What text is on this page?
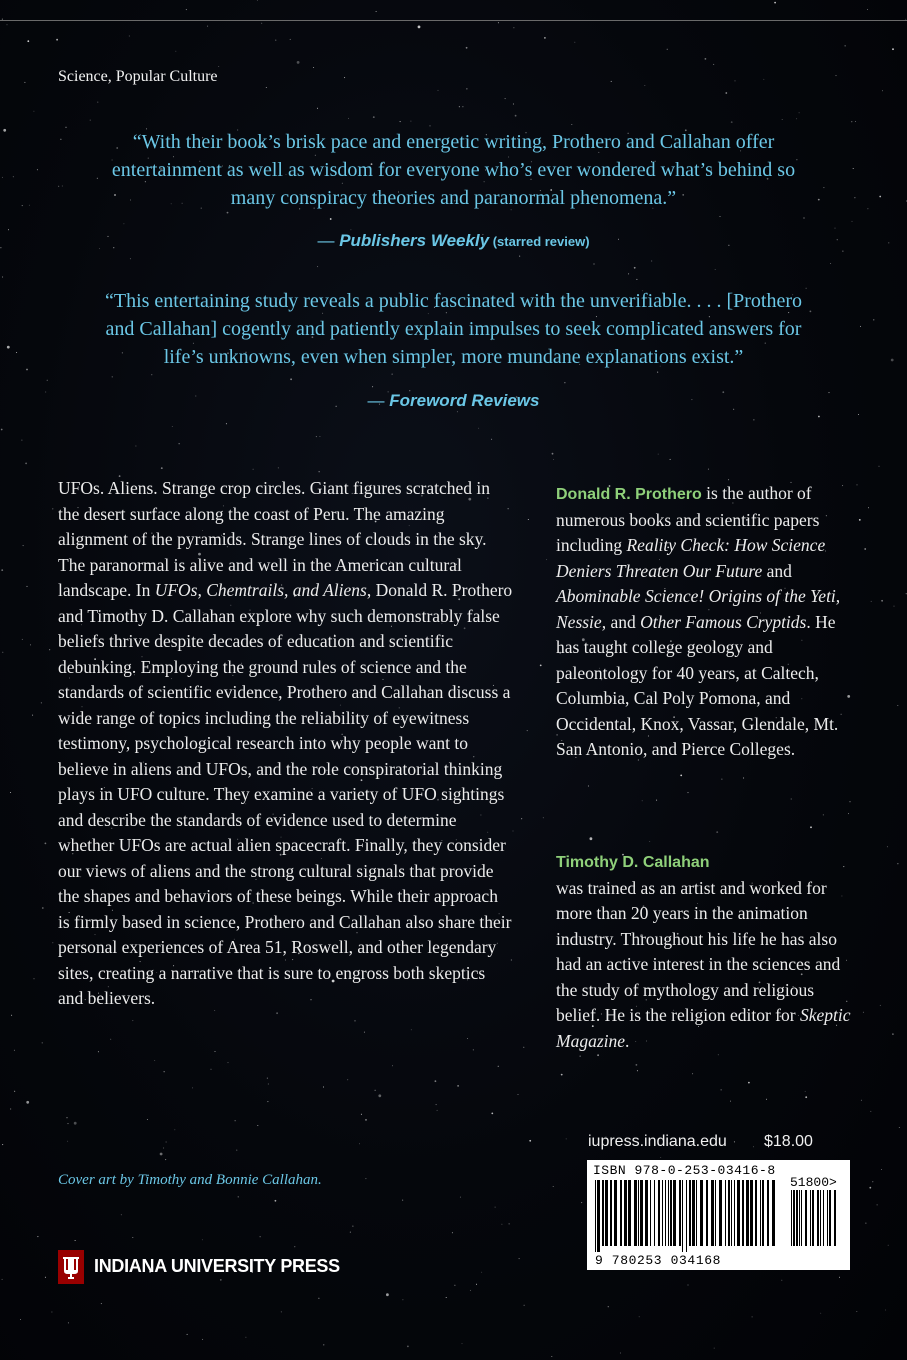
Science, Popular Culture
“With their book’s brisk pace and energetic writing, Prothero and Callahan offer
entertainment as well as wisdom for everyone who’s ever wondered what’s behind so
many conspiracy theories and paranormal phenomena.”
— Publishers Weekly (starred review)
“This entertaining study reveals a public fascinated with the unverifiable. . . . [Prothero
and Callahan] cogently and patiently explain impulses to seek complicated answers for
life’s unknowns, even when simpler, more mundane explanations exist.”
— Foreword Reviews
UFOs. Aliens. Strange crop circles. Giant figures scratched in the desert surface along the coast of Peru. The amazing alignment of the pyramids. Strange lines of clouds in the sky. The paranormal is alive and well in the American cultural landscape. In UFOs, Chemtrails, and Aliens, Donald R. Prothero and Timothy D. Callahan explore why such demonstrably false beliefs thrive despite decades of education and scientific debunking. Employing the ground rules of science and the standards of scientific evidence, Prothero and Callahan discuss a wide range of topics including the reliability of eyewitness testimony, psychological research into why people want to believe in aliens and UFOs, and the role conspiratorial thinking plays in UFO culture. They examine a variety of UFO sightings and describe the standards of evidence used to determine whether UFOs are actual alien spacecraft. Finally, they consider our views of aliens and the strong cultural signals that provide the shapes and behaviors of these beings. While their approach is firmly based in science, Prothero and Callahan also share their personal experiences of Area 51, Roswell, and other legendary sites, creating a narrative that is sure to engross both skeptics and believers.
Donald R. Prothero is the author of numerous books and scientific papers including Reality Check: How Science Deniers Threaten Our Future and Abominable Science! Origins of the Yeti, Nessie, and Other Famous Cryptids. He has taught college geology and paleontology for 40 years, at Caltech, Columbia, Cal Poly Pomona, and Occidental, Knox, Vassar, Glendale, Mt. San Antonio, and Pierce Colleges.
Timothy D. Callahan
was trained as an artist and worked for more than 20 years in the animation industry. Throughout his life he has also had an active interest in the sciences and the study of mythology and religious belief. He is the religion editor for Skeptic Magazine.
iupress.indiana.edu $18.00
ISBN 978-0-253-03416-8
51800>
9 780253 034168
Cover art by Timothy and Bonnie Callahan.
INDIANA UNIVERSITY PRESS
